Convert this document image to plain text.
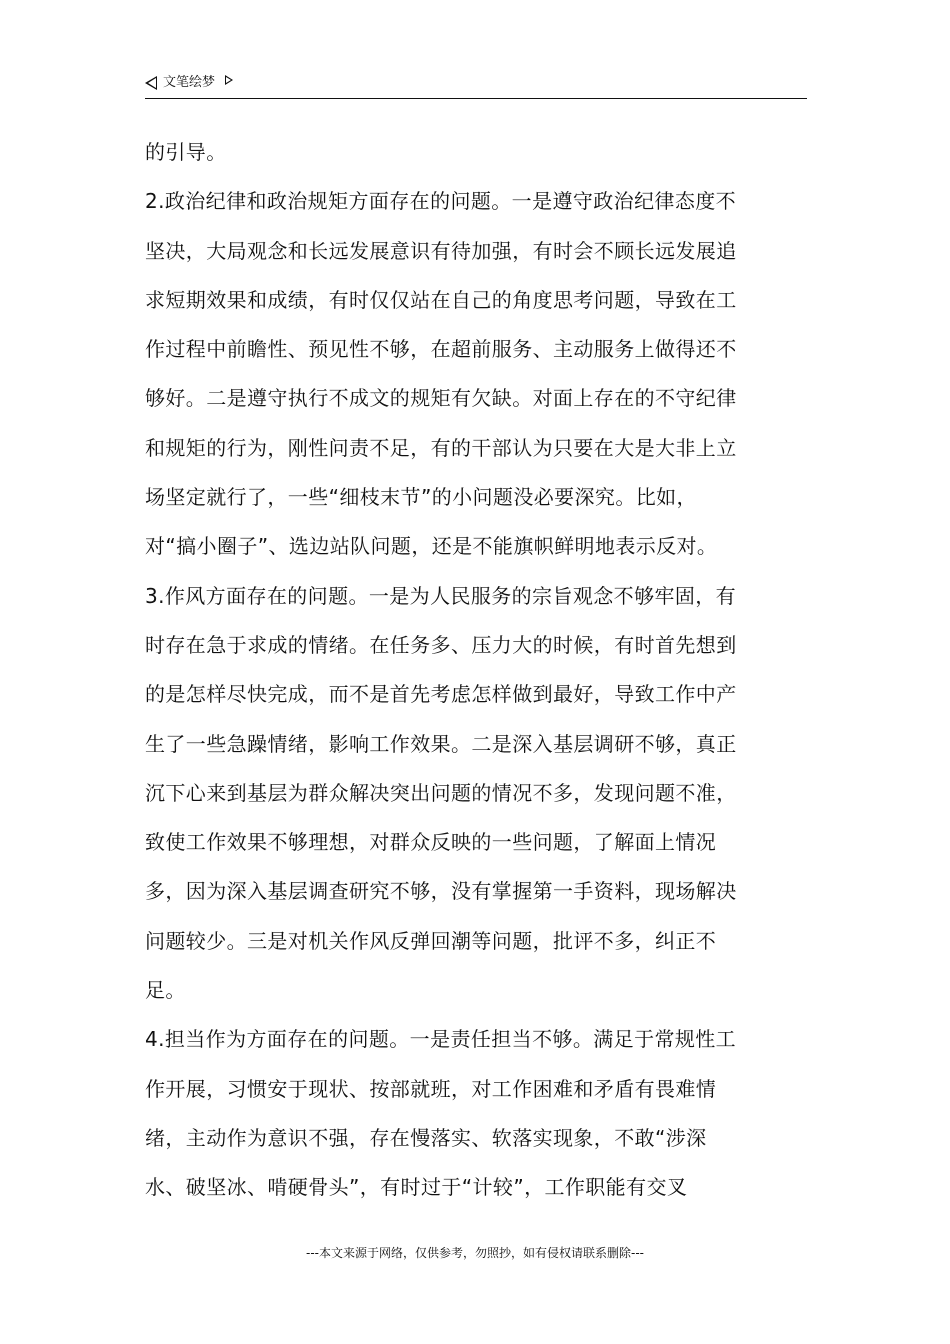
文笔绘梦
的引导。
2.政治纪律和政治规矩方面存在的问题。一是遵守政治纪律态度不
坚决，大局观念和长远发展意识有待加强，有时会不顾长远发展追
求短期效果和成绩，有时仅仅站在自己的角度思考问题，导致在工
作过程中前瞻性、预见性不够，在超前服务、主动服务上做得还不
够好。二是遵守执行不成文的规矩有欠缺。对面上存在的不守纪律
和规矩的行为，刚性问责不足，有的干部认为只要在大是大非上立
场坚定就行了，一些“细枝末节”的小问题没必要深究。比如，
对“搞小圈子”、选边站队问题，还是不能旗帜鲜明地表示反对。
3.作风方面存在的问题。一是为人民服务的宗旨观念不够牢固，有
时存在急于求成的情绪。在任务多、压力大的时候，有时首先想到
的是怎样尽快完成，而不是首先考虑怎样做到最好，导致工作中产
生了一些急躁情绪，影响工作效果。二是深入基层调研不够，真正
沉下心来到基层为群众解决突出问题的情况不多，发现问题不准，
致使工作效果不够理想，对群众反映的一些问题，了解面上情况
多，因为深入基层调查研究不够，没有掌握第一手资料，现场解决
问题较少。三是对机关作风反弹回潮等问题，批评不多，纠正不
足。
4.担当作为方面存在的问题。一是责任担当不够。满足于常规性工
作开展，习惯安于现状、按部就班，对工作困难和矛盾有畏难情
绪，主动作为意识不强，存在慢落实、软落实现象，不敢“涉深
水、破坚冰、啃硬骨头”，有时过于“计较”，工作职能有交叉
---本文来源于网络，仅供参考，勿照抄，如有侵权请联系删除---
